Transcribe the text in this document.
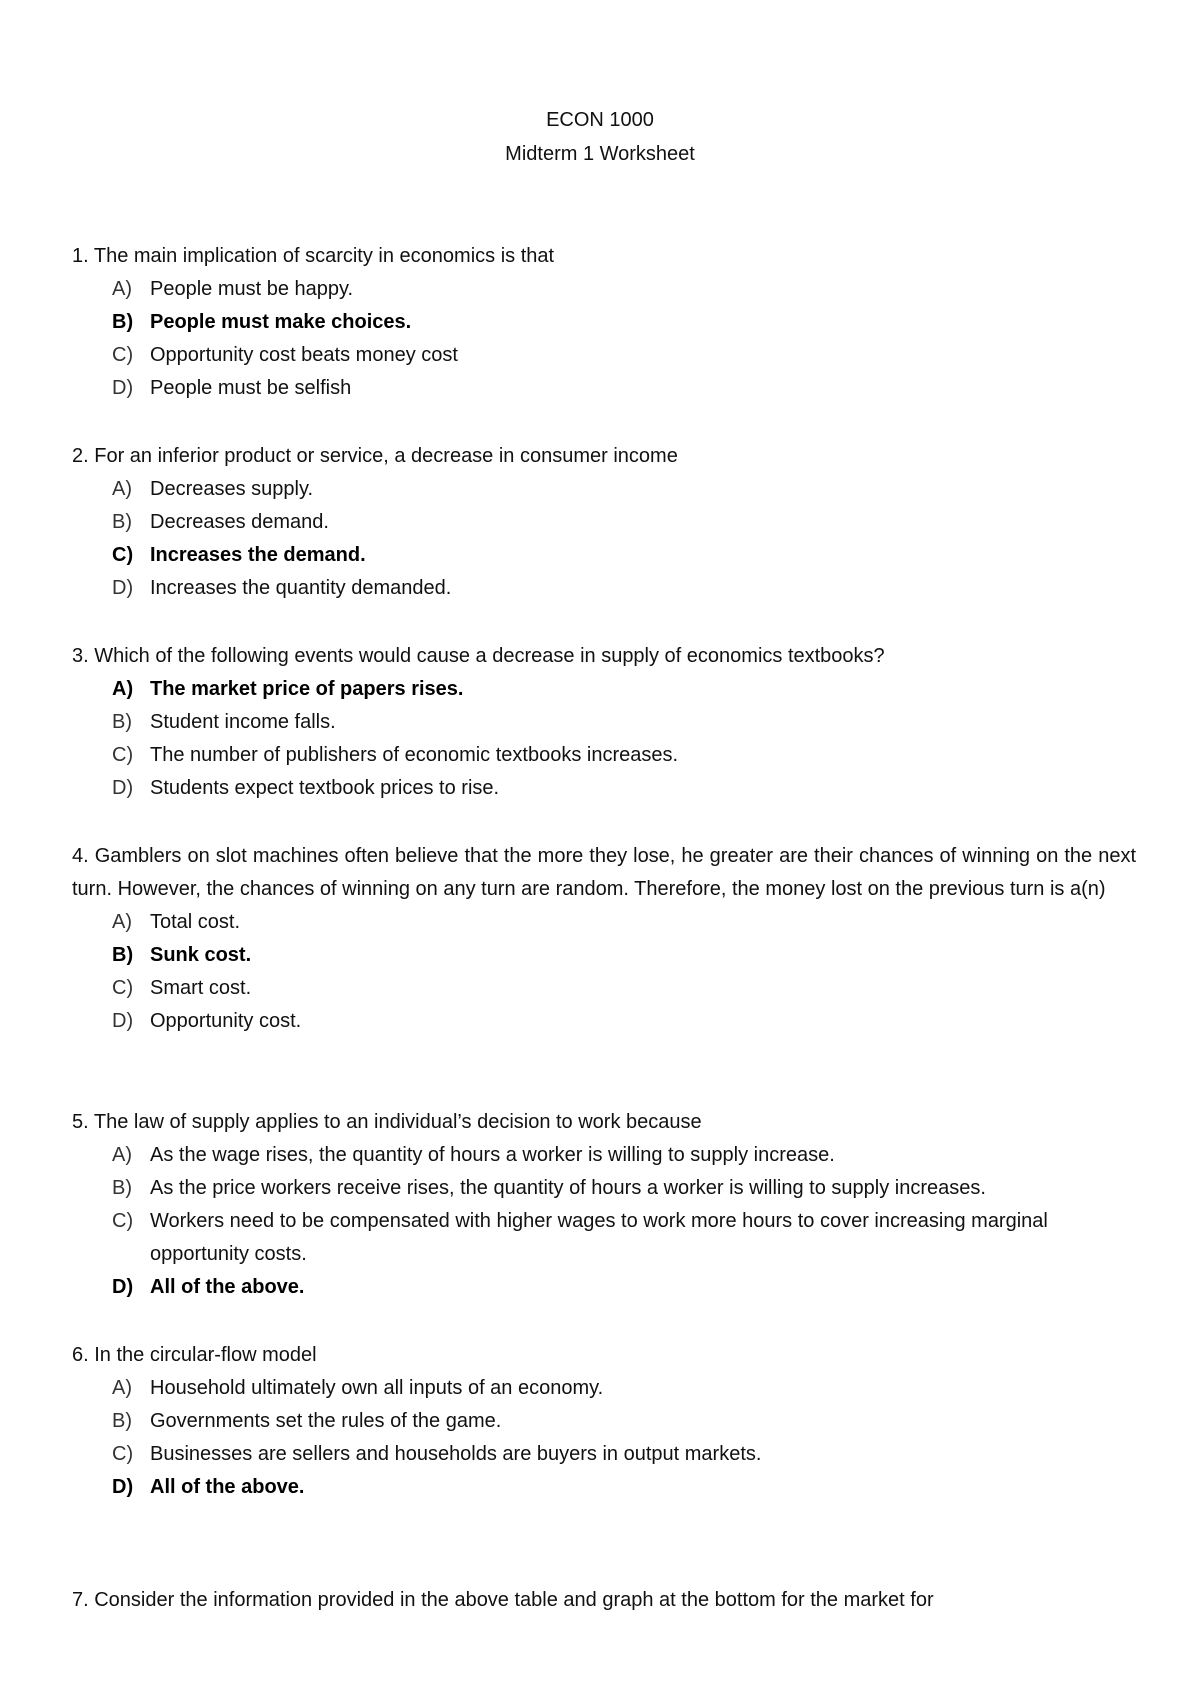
ECON 1000
Midterm 1 Worksheet

1. The main implication of scarcity in economics is that

A) People must be happy.
B) People must make choices.
C) Opportunity cost beats money cost
D) People must be selfish

2. For an inferior product or service, a decrease in consumer income

A) Decreases supply.
B) Decreases demand.
C) Increases the demand.
D) Increases the quantity demanded.

3. Which of the following events would cause a decrease in supply of economics textbooks?

A) The market price of papers rises.
B) Student income falls.
C) The number of publishers of economic textbooks increases.
D) Students expect textbook prices to rise.

4. Gamblers on slot machines often believe that the more they lose, he greater are their chances of winning on the next turn. However, the chances of winning on any turn are random. Therefore, the money lost on the previous turn is a(n)

A) Total cost.
B) Sunk cost.
C) Smart cost.
D) Opportunity cost.

5. The law of supply applies to an individual’s decision to work because

A) As the wage rises, the quantity of hours a worker is willing to supply increase.
B) As the price workers receive rises, the quantity of hours a worker is willing to supply increases.
C) Workers need to be compensated with higher wages to work more hours to cover increasing marginal opportunity costs.
D) All of the above.

6. In the circular-flow model

A) Household ultimately own all inputs of an economy.
B) Governments set the rules of the game.
C) Businesses are sellers and households are buyers in output markets.
D) All of the above.

7. Consider the information provided in the above table and graph at the bottom for the market for
